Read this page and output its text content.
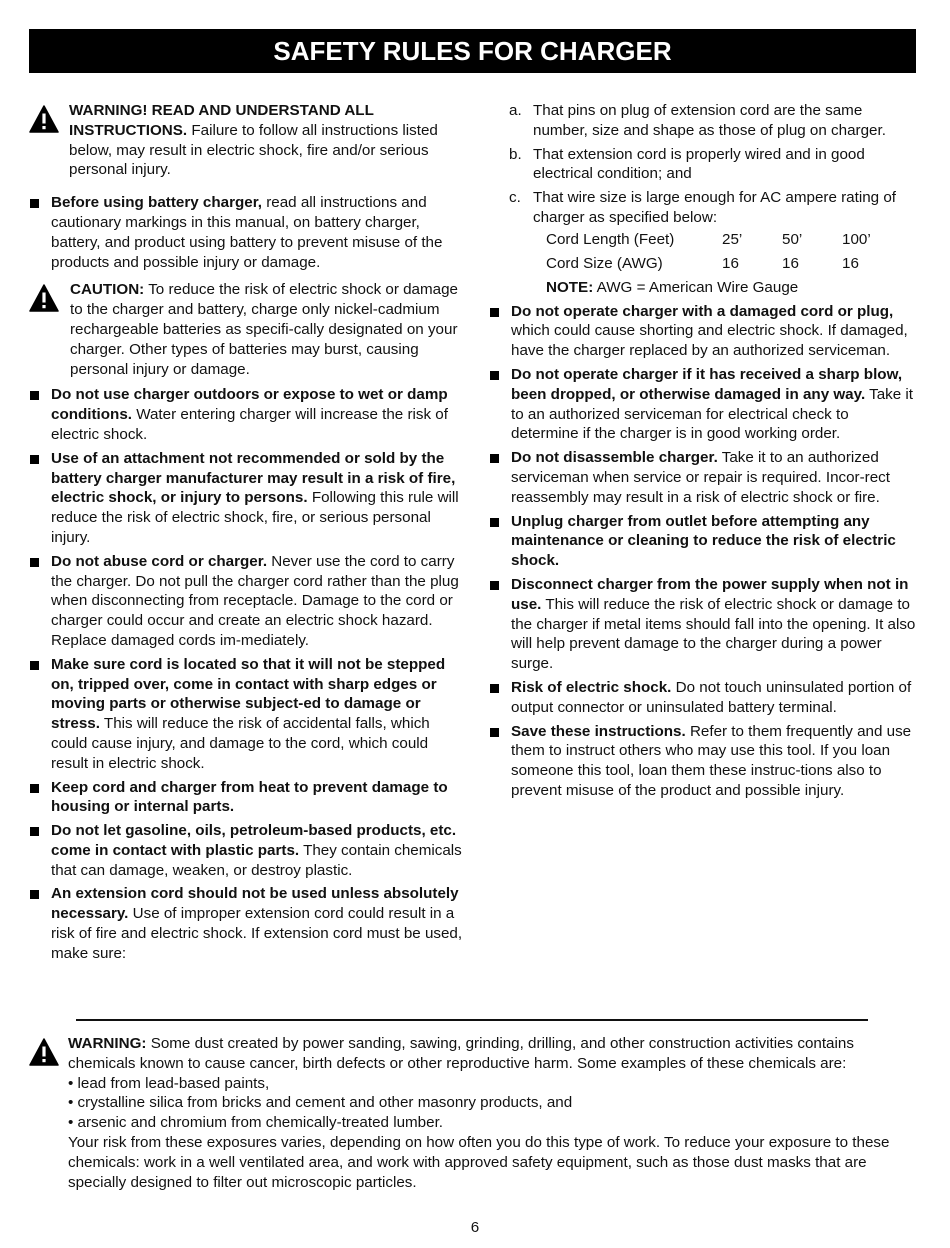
SAFETY RULES FOR CHARGER
WARNING! READ AND UNDERSTAND ALL INSTRUCTIONS. Failure to follow all instructions listed below, may result in electric shock, fire and/or serious personal injury.
Before using battery charger, read all instructions and cautionary markings in this manual, on battery charger, battery, and product using battery to prevent misuse of the products and possible injury or damage.
CAUTION: To reduce the risk of electric shock or damage to the charger and battery, charge only nickel-cadmium rechargeable batteries as specifi-cally designated on your charger. Other types of batteries may burst, causing personal injury or damage.
Do not use charger outdoors or expose to wet or damp conditions. Water entering charger will increase the risk of electric shock.
Use of an attachment not recommended or sold by the battery charger manufacturer may result in a risk of fire, electric shock, or injury to persons. Following this rule will reduce the risk of electric shock, fire, or serious personal injury.
Do not abuse cord or charger. Never use the cord to carry the charger. Do not pull the charger cord rather than the plug when disconnecting from receptacle. Damage to the cord or charger could occur and create an electric shock hazard. Replace damaged cords im-mediately.
Make sure cord is located so that it will not be stepped on, tripped over, come in contact with sharp edges or moving parts or otherwise subject-ed to damage or stress. This will reduce the risk of accidental falls, which could cause injury, and damage to the cord, which could result in electric shock.
Keep cord and charger from heat to prevent damage to housing or internal parts.
Do not let gasoline, oils, petroleum-based products, etc. come in contact with plastic parts. They contain chemicals that can damage, weaken, or destroy plastic.
An extension cord should not be used unless absolutely necessary. Use of improper extension cord could result in a risk of fire and electric shock. If extension cord must be used, make sure:
a. That pins on plug of extension cord are the same number, size and shape as those of plug on charger.
b. That extension cord is properly wired and in good electrical condition; and
c. That wire size is large enough for AC ampere rating of charger as specified below:
Cord Length (Feet)	25’	50’	100’
Cord Size (AWG)	16	16	16
NOTE: AWG = American Wire Gauge
Do not operate charger with a damaged cord or plug, which could cause shorting and electric shock. If damaged, have the charger replaced by an authorized serviceman.
Do not operate charger if it has received a sharp blow, been dropped, or otherwise damaged in any way. Take it to an authorized serviceman for electrical check to determine if the charger is in good working order.
Do not disassemble charger. Take it to an authorized serviceman when service or repair is required. Incor-rect reassembly may result in a risk of electric shock or fire.
Unplug charger from outlet before attempting any maintenance or cleaning to reduce the risk of electric shock.
Disconnect charger from the power supply when not in use. This will reduce the risk of electric shock or damage to the charger if metal items should fall into the opening. It also will help prevent damage to the charger during a power surge.
Risk of electric shock. Do not touch uninsulated portion of output connector or uninsulated battery terminal.
Save these instructions. Refer to them frequently and use them to instruct others who may use this tool. If you loan someone this tool, loan them these instruc-tions also to prevent misuse of the product and possible injury.
WARNING: Some dust created by power sanding, sawing, grinding, drilling, and other construction activities contains chemicals known to cause cancer, birth defects or other reproductive harm. Some examples of these chemicals are:
• lead from lead-based paints,
• crystalline silica from bricks and cement and other masonry products, and
• arsenic and chromium from chemically-treated lumber.
Your risk from these exposures varies, depending on how often you do this type of work. To reduce your exposure to these chemicals: work in a well ventilated area, and work with approved safety equipment, such as those dust masks that are specially designed to filter out microscopic particles.
6
